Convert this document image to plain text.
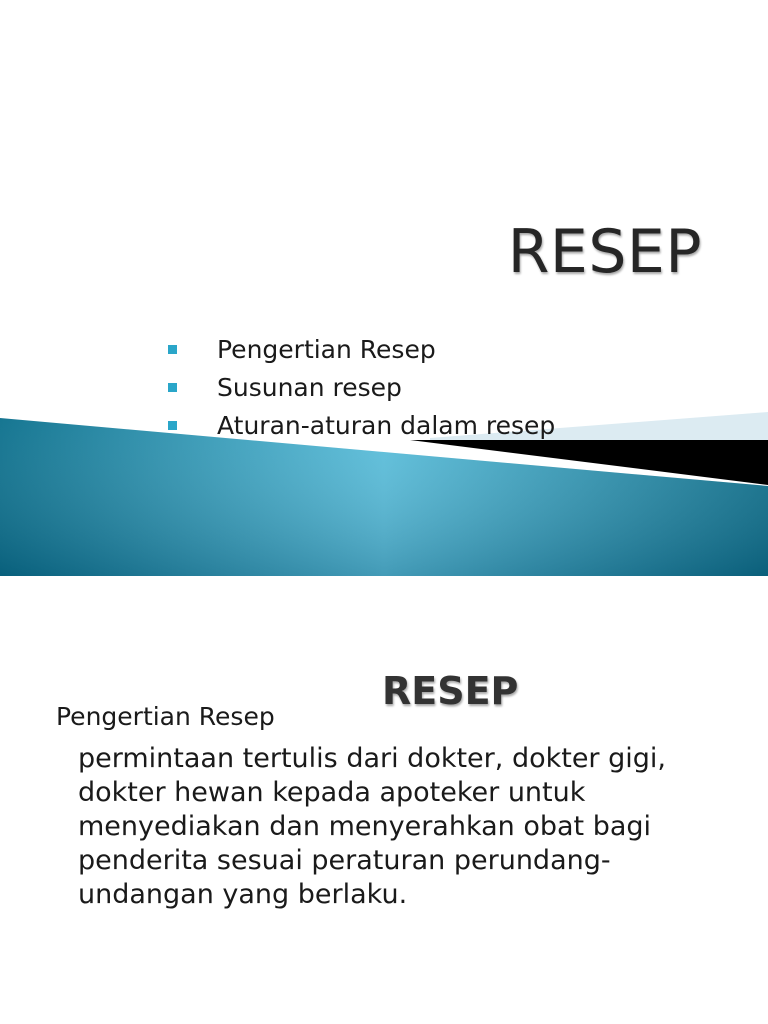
RESEP
Pengertian Resep
Susunan resep
Aturan-aturan dalam resep
RESEP
Pengertian Resep

permintaan tertulis dari dokter, dokter gigi,
dokter hewan kepada apoteker untuk
menyediakan dan menyerahkan obat bagi
penderita sesuai peraturan perundang-
undangan yang berlaku.
